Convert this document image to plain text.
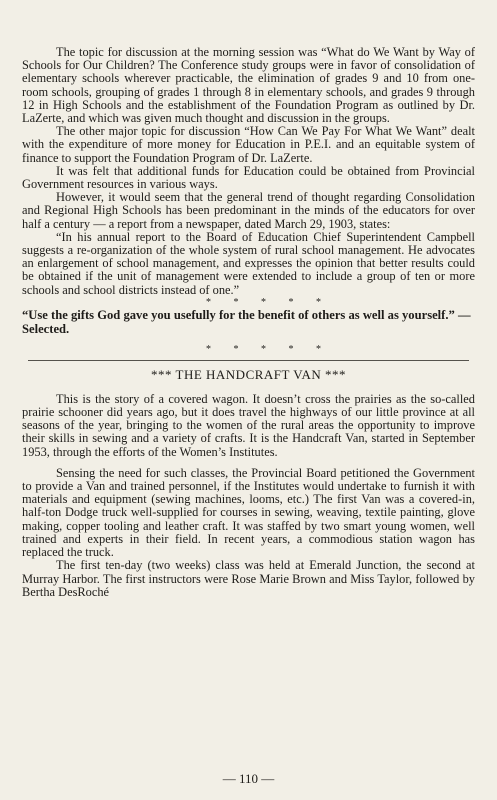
The topic for discussion at the morning session was “What do We Want by Way of Schools for Our Children? The Conference study groups were in favor of consolidation of elementary schools wherever practicable, the elimination of grades 9 and 10 from one-room schools, grouping of grades 1 through 8 in elementary schools, and grades 9 through 12 in High Schools and the establishment of the Foundation Program as outlined by Dr. LaZerte, and which was given much thought and discussion in the groups.

The other major topic for discussion “How Can We Pay For What We Want” dealt with the expenditure of more money for Education in P.E.I. and an equitable system of finance to support the Foundation Program of Dr. LaZerte.

It was felt that additional funds for Education could be obtained from Provincial Government resources in various ways.

However, it would seem that the general trend of thought regarding Consolidation and Regional High Schools has been predominant in the minds of the educators for over half a century — a report from a newspaper, dated March 29, 1903, states:

“In his annual report to the Board of Education Chief Superintendent Campbell suggests a re-organization of the whole system of rural school management. He advocates an enlargement of school management, and expresses the opinion that better results could be obtained if the unit of management were extended to include a group of ten or more schools and school districts instead of one.”

* * * * *

“Use the gifts God gave you usefully for the benefit of others as well as yourself.” — Selected.

* * * * *
*** THE HANDCRAFT VAN ***

This is the story of a covered wagon. It doesn’t cross the prairies as the so-called prairie schooner did years ago, but it does travel the highways of our little province at all seasons of the year, bringing to the women of the rural areas the opportunity to improve their skills in sewing and a variety of crafts. It is the Handcraft Van, started in September 1953, through the efforts of the Women’s Institutes.

Sensing the need for such classes, the Provincial Board petitioned the Government to provide a Van and trained personnel, if the Institutes would undertake to furnish it with materials and equipment (sewing machines, looms, etc.) The first Van was a covered-in, half-ton Dodge truck well-supplied for courses in sewing, weaving, textile painting, glove making, copper tooling and leather craft. It was staffed by two smart young women, well trained and experts in their field. In recent years, a commodious station wagon has replaced the truck.

The first ten-day (two weeks) class was held at Emerald Junction, the second at Murray Harbor. The first instructors were Rose Marie Brown and Miss Taylor, followed by Bertha DesRoché

— 110 —
